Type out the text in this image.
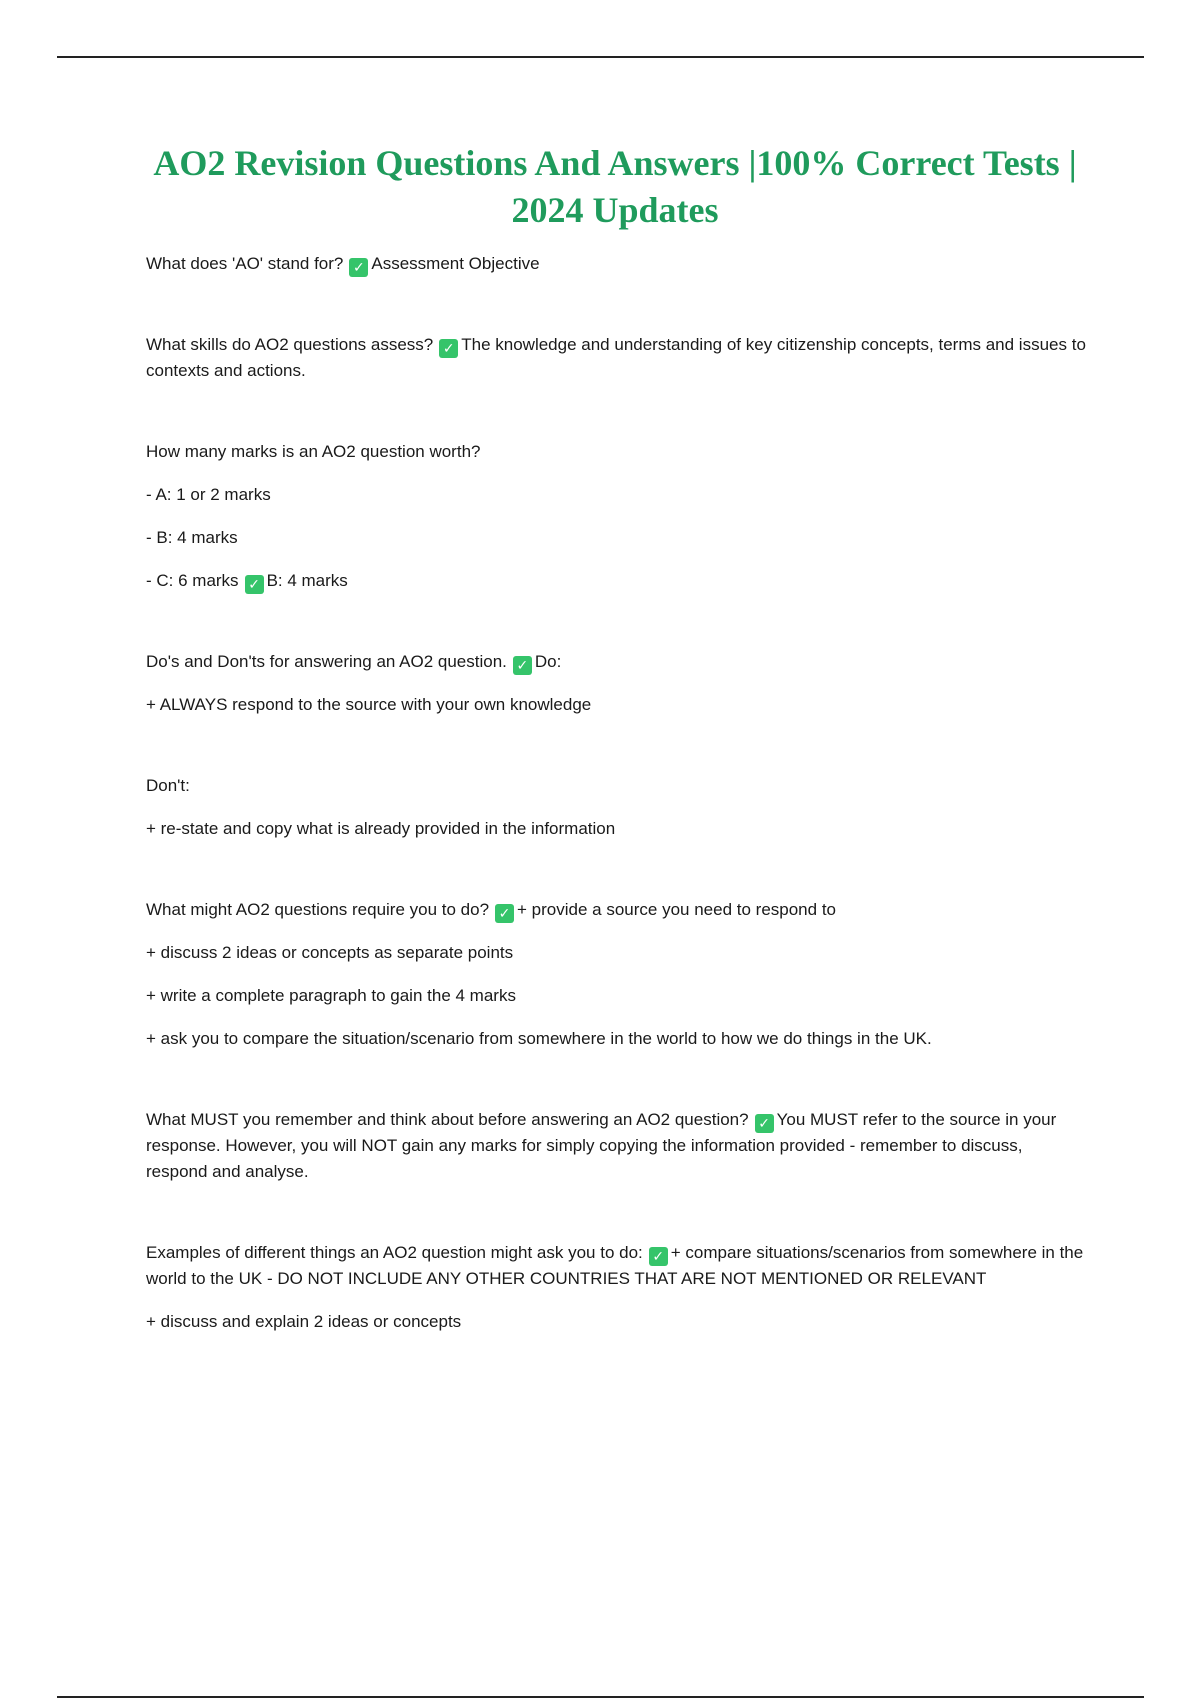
AO2 Revision Questions And Answers |100% Correct Tests | 2024 Updates

What does 'AO' stand for? ✓ Assessment Objective

What skills do AO2 questions assess? ✓ The knowledge and understanding of key citizenship concepts, terms and issues to contexts and actions.

How many marks is an AO2 question worth?

- A: 1 or 2 marks

- B: 4 marks

- C: 6 marks ✓ B: 4 marks

Do's and Don'ts for answering an AO2 question. ✓ Do:

+ ALWAYS respond to the source with your own knowledge

Don't:

+ re-state and copy what is already provided in the information

What might AO2 questions require you to do? ✓ + provide a source you need to respond to

+ discuss 2 ideas or concepts as separate points

+ write a complete paragraph to gain the 4 marks

+ ask you to compare the situation/scenario from somewhere in the world to how we do things in the UK.

What MUST you remember and think about before answering an AO2 question? ✓ You MUST refer to the source in your response. However, you will NOT gain any marks for simply copying the information provided - remember to discuss, respond and analyse.

Examples of different things an AO2 question might ask you to do: ✓ + compare situations/scenarios from somewhere in the world to the UK - DO NOT INCLUDE ANY OTHER COUNTRIES THAT ARE NOT MENTIONED OR RELEVANT

+ discuss and explain 2 ideas or concepts
